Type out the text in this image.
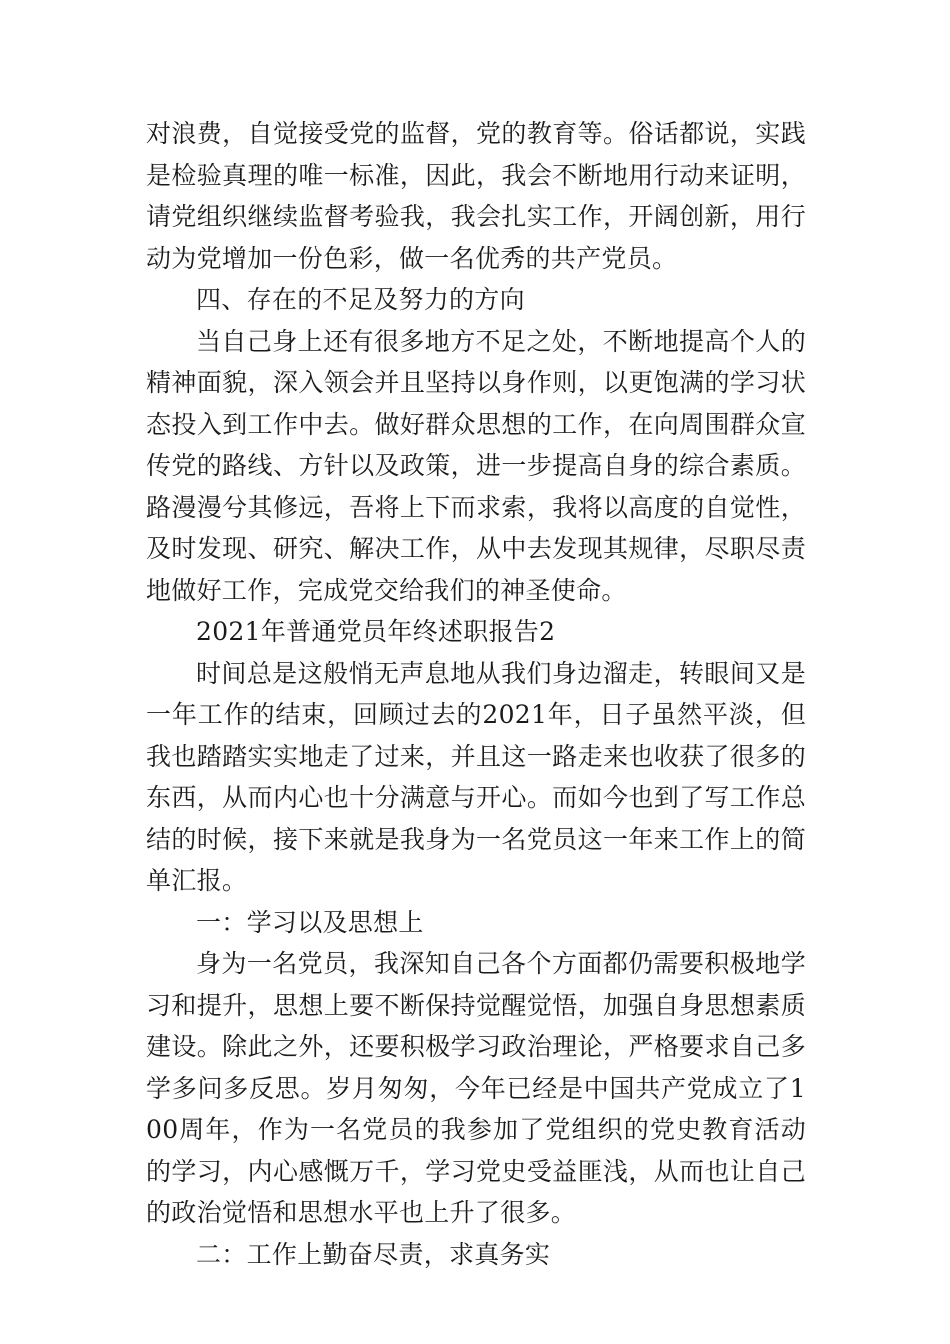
对浪费，自觉接受党的监督，党的教育等。俗话都说，实践是检验真理的唯一标准，因此，我会不断地用行动来证明，请党组织继续监督考验我，我会扎实工作，开阔创新，用行动为党增加一份色彩，做一名优秀的共产党员。

四、存在的不足及努力的方向

当自己身上还有很多地方不足之处，不断地提高个人的精神面貌，深入领会并且坚持以身作则，以更饱满的学习状态投入到工作中去。做好群众思想的工作，在向周围群众宣传党的路线、方针以及政策，进一步提高自身的综合素质。路漫漫兮其修远，吾将上下而求索，我将以高度的自觉性，及时发现、研究、解决工作，从中去发现其规律，尽职尽责地做好工作，完成党交给我们的神圣使命。

2021年普通党员年终述职报告2

时间总是这般悄无声息地从我们身边溜走，转眼间又是一年工作的结束，回顾过去的2021年，日子虽然平淡，但我也踏踏实实地走了过来，并且这一路走来也收获了很多的东西，从而内心也十分满意与开心。而如今也到了写工作总结的时候，接下来就是我身为一名党员这一年来工作上的简单汇报。

一：学习以及思想上

身为一名党员，我深知自己各个方面都仍需要积极地学习和提升，思想上要不断保持觉醒觉悟，加强自身思想素质建设。除此之外，还要积极学习政治理论，严格要求自己多学多问多反思。岁月匆匆，今年已经是中国共产党成立了100周年，作为一名党员的我参加了党组织的党史教育活动的学习，内心感慨万千，学习党史受益匪浅，从而也让自己的政治觉悟和思想水平也上升了很多。

二：工作上勤奋尽责，求真务实
